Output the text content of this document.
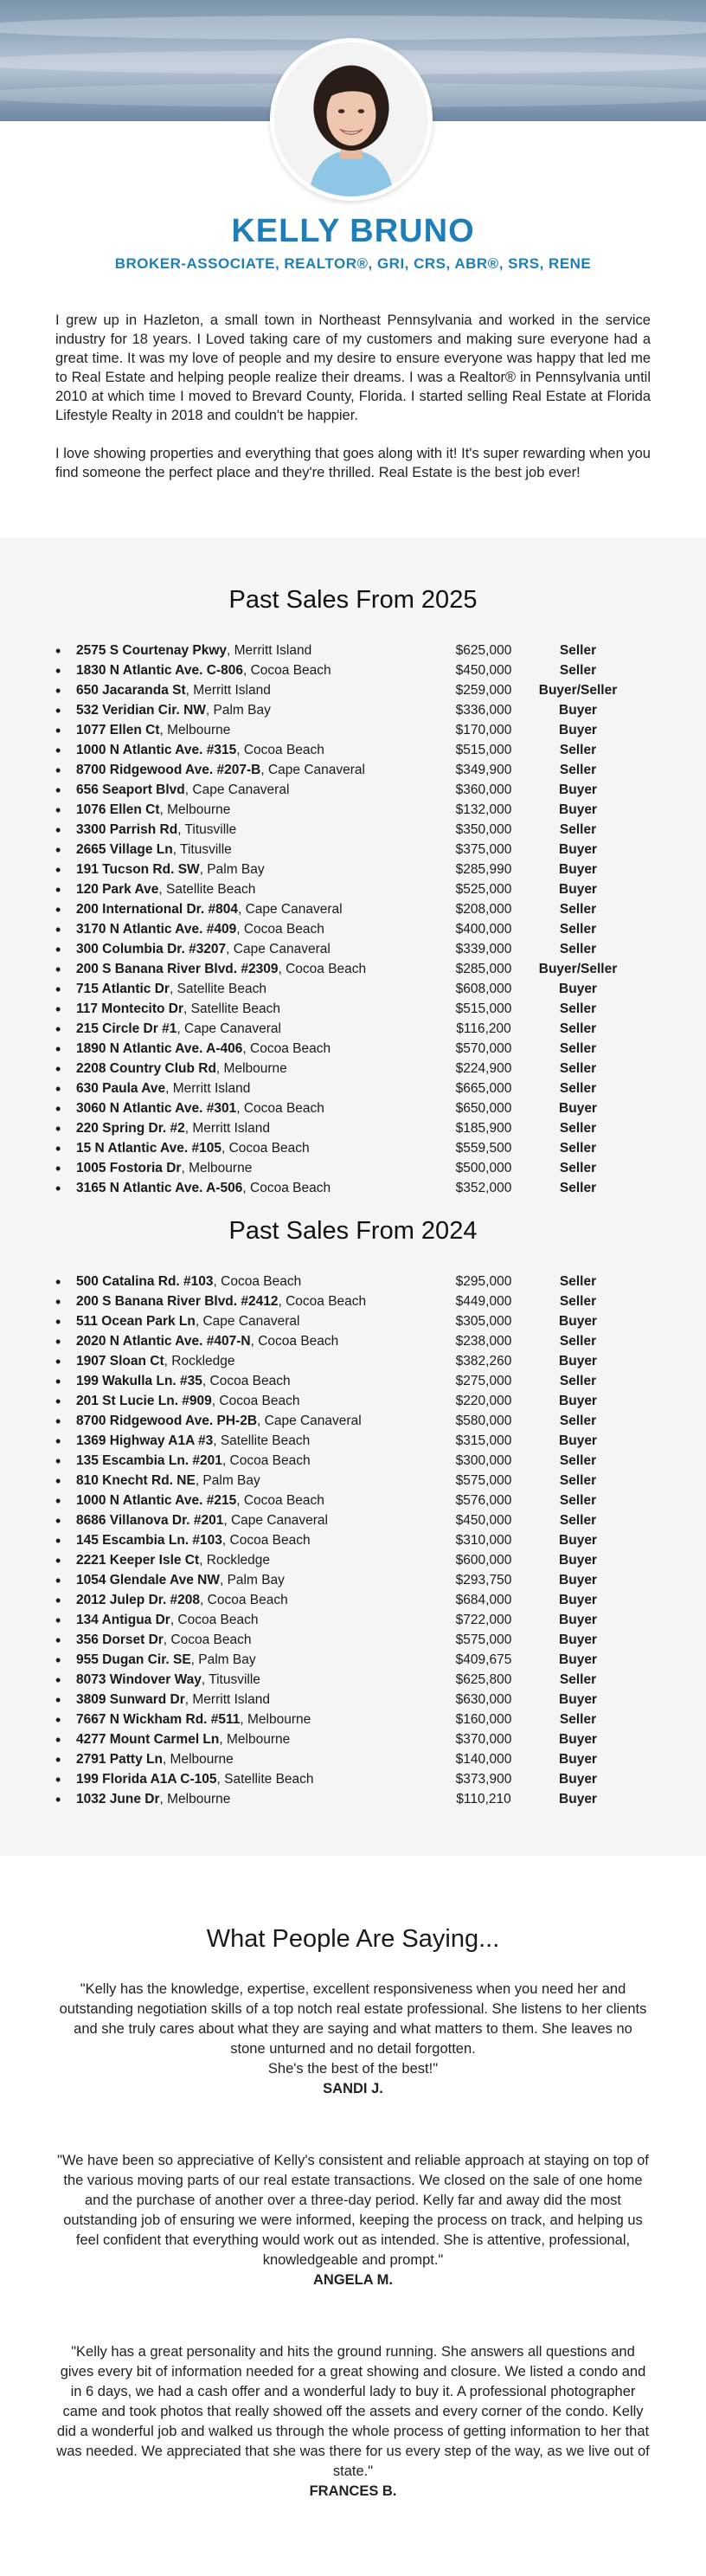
KELLY BRUNO
BROKER-ASSOCIATE, REALTOR®, GRI, CRS, ABR®, SRS, RENE

I grew up in Hazleton, a small town in Northeast Pennsylvania and worked in the service industry for 18 years. I Loved taking care of my customers and making sure everyone had a great time. It was my love of people and my desire to ensure everyone was happy that led me to Real Estate and helping people realize their dreams. I was a Realtor® in Pennsylvania until 2010 at which time I moved to Brevard County, Florida. I started selling Real Estate at Florida Lifestyle Realty in 2018 and couldn't be happier.

I love showing properties and everything that goes along with it! It's super rewarding when you find someone the perfect place and they're thrilled. Real Estate is the best job ever!

Past Sales From 2025
•	2575 S Courtenay Pkwy, Merritt Island	$625,000	Seller
•	1830 N Atlantic Ave. C-806, Cocoa Beach	$450,000	Seller
•	650 Jacaranda St, Merritt Island	$259,000	Buyer/Seller
•	532 Veridian Cir. NW, Palm Bay	$336,000	Buyer
•	1077 Ellen Ct, Melbourne	$170,000	Buyer
•	1000 N Atlantic Ave. #315, Cocoa Beach	$515,000	Seller
•	8700 Ridgewood Ave. #207-B, Cape Canaveral	$349,900	Seller
•	656 Seaport Blvd, Cape Canaveral	$360,000	Buyer
•	1076 Ellen Ct, Melbourne	$132,000	Buyer
•	3300 Parrish Rd, Titusville	$350,000	Seller
•	2665 Village Ln, Titusville	$375,000	Buyer
•	191 Tucson Rd. SW, Palm Bay	$285,990	Buyer
•	120 Park Ave, Satellite Beach	$525,000	Buyer
•	200 International Dr. #804, Cape Canaveral	$208,000	Seller
•	3170 N Atlantic Ave. #409, Cocoa Beach	$400,000	Seller
•	300 Columbia Dr. #3207, Cape Canaveral	$339,000	Seller
•	200 S Banana River Blvd. #2309, Cocoa Beach	$285,000	Buyer/Seller
•	715 Atlantic Dr, Satellite Beach	$608,000	Buyer
•	117 Montecito Dr, Satellite Beach	$515,000	Seller
•	215 Circle Dr #1, Cape Canaveral	$116,200	Seller
•	1890 N Atlantic Ave. A-406, Cocoa Beach	$570,000	Seller
•	2208 Country Club Rd, Melbourne	$224,900	Seller
•	630 Paula Ave, Merritt Island	$665,000	Seller
•	3060 N Atlantic Ave. #301, Cocoa Beach	$650,000	Buyer
•	220 Spring Dr. #2, Merritt Island	$185,900	Seller
•	15 N Atlantic Ave. #105, Cocoa Beach	$559,500	Seller
•	1005 Fostoria Dr, Melbourne	$500,000	Seller
•	3165 N Atlantic Ave. A-506, Cocoa Beach	$352,000	Seller
Past Sales From 2024
•	500 Catalina Rd. #103, Cocoa Beach	$295,000	Seller
•	200 S Banana River Blvd. #2412, Cocoa Beach	$449,000	Seller
•	511 Ocean Park Ln, Cape Canaveral	$305,000	Buyer
•	2020 N Atlantic Ave. #407-N, Cocoa Beach	$238,000	Seller
•	1907 Sloan Ct, Rockledge	$382,260	Buyer
•	199 Wakulla Ln. #35, Cocoa Beach	$275,000	Seller
•	201 St Lucie Ln. #909, Cocoa Beach	$220,000	Buyer
•	8700 Ridgewood Ave. PH-2B, Cape Canaveral	$580,000	Seller
•	1369 Highway A1A #3, Satellite Beach	$315,000	Buyer
•	135 Escambia Ln. #201, Cocoa Beach	$300,000	Seller
•	810 Knecht Rd. NE, Palm Bay	$575,000	Seller
•	1000 N Atlantic Ave. #215, Cocoa Beach	$576,000	Seller
•	8686 Villanova Dr. #201, Cape Canaveral	$450,000	Seller
•	145 Escambia Ln. #103, Cocoa Beach	$310,000	Buyer
•	2221 Keeper Isle Ct, Rockledge	$600,000	Buyer
•	1054 Glendale Ave NW, Palm Bay	$293,750	Buyer
•	2012 Julep Dr. #208, Cocoa Beach	$684,000	Buyer
•	134 Antigua Dr, Cocoa Beach	$722,000	Buyer
•	356 Dorset Dr, Cocoa Beach	$575,000	Buyer
•	955 Dugan Cir. SE, Palm Bay	$409,675	Buyer
•	8073 Windover Way, Titusville	$625,800	Seller
•	3809 Sunward Dr, Merritt Island	$630,000	Buyer
•	7667 N Wickham Rd. #511, Melbourne	$160,000	Seller
•	4277 Mount Carmel Ln, Melbourne	$370,000	Buyer
•	2791 Patty Ln, Melbourne	$140,000	Buyer
•	199 Florida A1A C-105, Satellite Beach	$373,900	Buyer
•	1032 June Dr, Melbourne	$110,210	Buyer
What People Are Saying...
"Kelly has the knowledge, expertise, excellent responsiveness when you need her and outstanding negotiation skills of a top notch real estate professional. She listens to her clients and she truly cares about what they are saying and what matters to them. She leaves no stone unturned and no detail forgotten.
She's the best of the best!"
SANDI J.
"We have been so appreciative of Kelly's consistent and reliable approach at staying on top of the various moving parts of our real estate transactions. We closed on the sale of one home and the purchase of another over a three-day period. Kelly far and away did the most outstanding job of ensuring we were informed, keeping the process on track, and helping us feel confident that everything would work out as intended. She is attentive, professional, knowledgeable and prompt."
ANGELA M.
"Kelly has a great personality and hits the ground running. She answers all questions and gives every bit of information needed for a great showing and closure. We listed a condo and in 6 days, we had a cash offer and a wonderful lady to buy it. A professional photographer came and took photos that really showed off the assets and every corner of the condo. Kelly did a wonderful job and walked us through the whole process of getting information to her that was needed. We appreciated that she was there for us every step of the way, as we live out of state."
FRANCES B.
